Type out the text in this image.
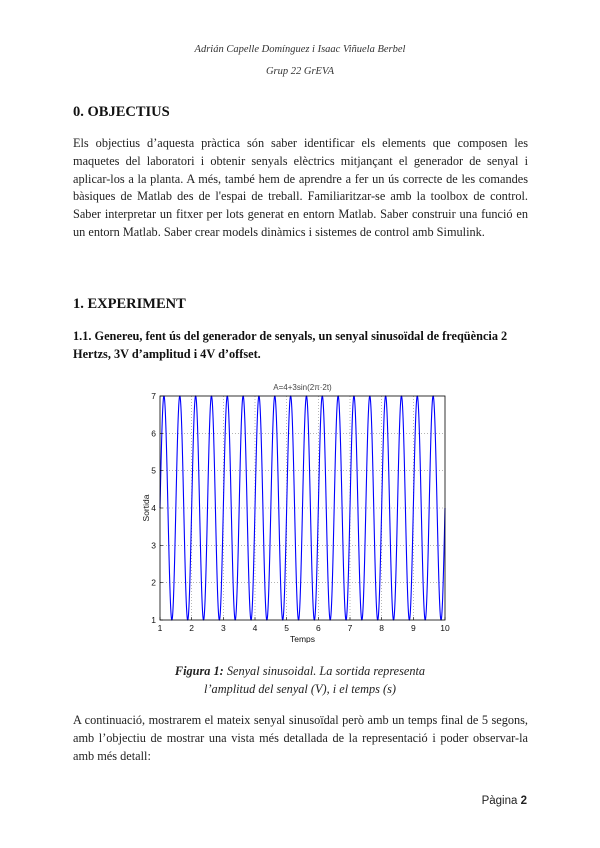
Adrián Capelle Domínguez i Isaac Viñuela Berbel
Grup 22 GrEVA
0. OBJECTIUS
Els objectius d’aquesta pràctica són saber identificar els elements que composen les maquetes del laboratori i obtenir senyals elèctrics mitjançant el generador de senyal i aplicar-los a la planta. A més, també hem de aprendre a fer un ús correcte de les comandes bàsiques de Matlab des de l'espai de treball. Familiaritzar-se amb la toolbox de control. Saber interpretar un fitxer per lots generat en entorn Matlab. Saber construir una funció en un entorn Matlab. Saber crear models dinàmics i sistemes de control amb Simulink.
1. EXPERIMENT
1.1. Genereu, fent ús del generador de senyals, un senyal sinusoïdal de freqüència 2 Hertzs, 3V d’amplitud i 4V d’offset.
1	2	3	4	5	6	7	8	9	10
1
2
3
4
5
6
7
A=4+3sin(2π·2t)
Temps
Sortida
Figura 1: Senyal sinusoidal. La sortida representa
l’amplitud del senyal (V), i el temps (s)
A continuació, mostrarem el mateix senyal sinusoïdal però amb un temps final de 5 segons, amb l’objectiu de mostrar una vista més detallada de la representació i poder observar-la amb més detall:
Pàgina 2
